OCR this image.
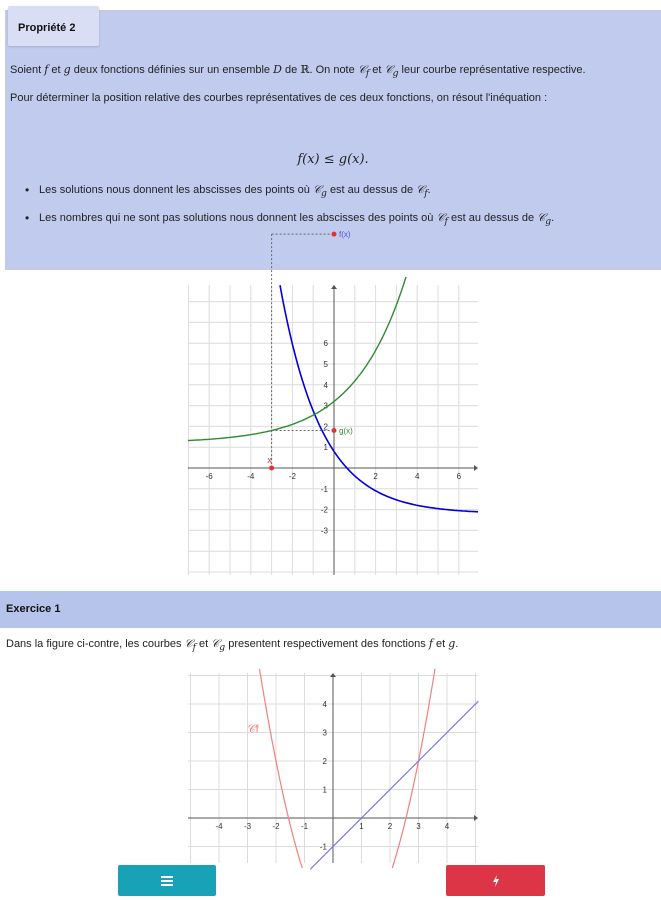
Propriété 2
Soient f et g deux fonctions définies sur un ensemble D de ℝ. On note 𝒞$_f$ et 𝒞$_g$ leur courbe représentative respective.
Pour déterminer la position relative des courbes représentatives de ces deux fonctions, on résout l'inéquation :
f(x) ≤ g(x).
• Les solutions nous donnent les abscisses des points où 𝒞$_g$ est au dessus de 𝒞$_f$.
• Les nombres qui ne sont pas solutions nous donnent les abscisses des points où 𝒞$_f$ est au dessus de 𝒞$_g$.
-6	-4	-2	2	4	6
6
5
4
3
2
1
-1
-2
-3
x
f(x)
g(x)
Exercice 1
Dans la figure ci-contre, les courbes 𝒞$_f$ et 𝒞$_g$ presentent respectivement des fonctions f et g.
-4	-3	-2	-1	1	2	3	4
4
3
2
1
-1
𝒞f
